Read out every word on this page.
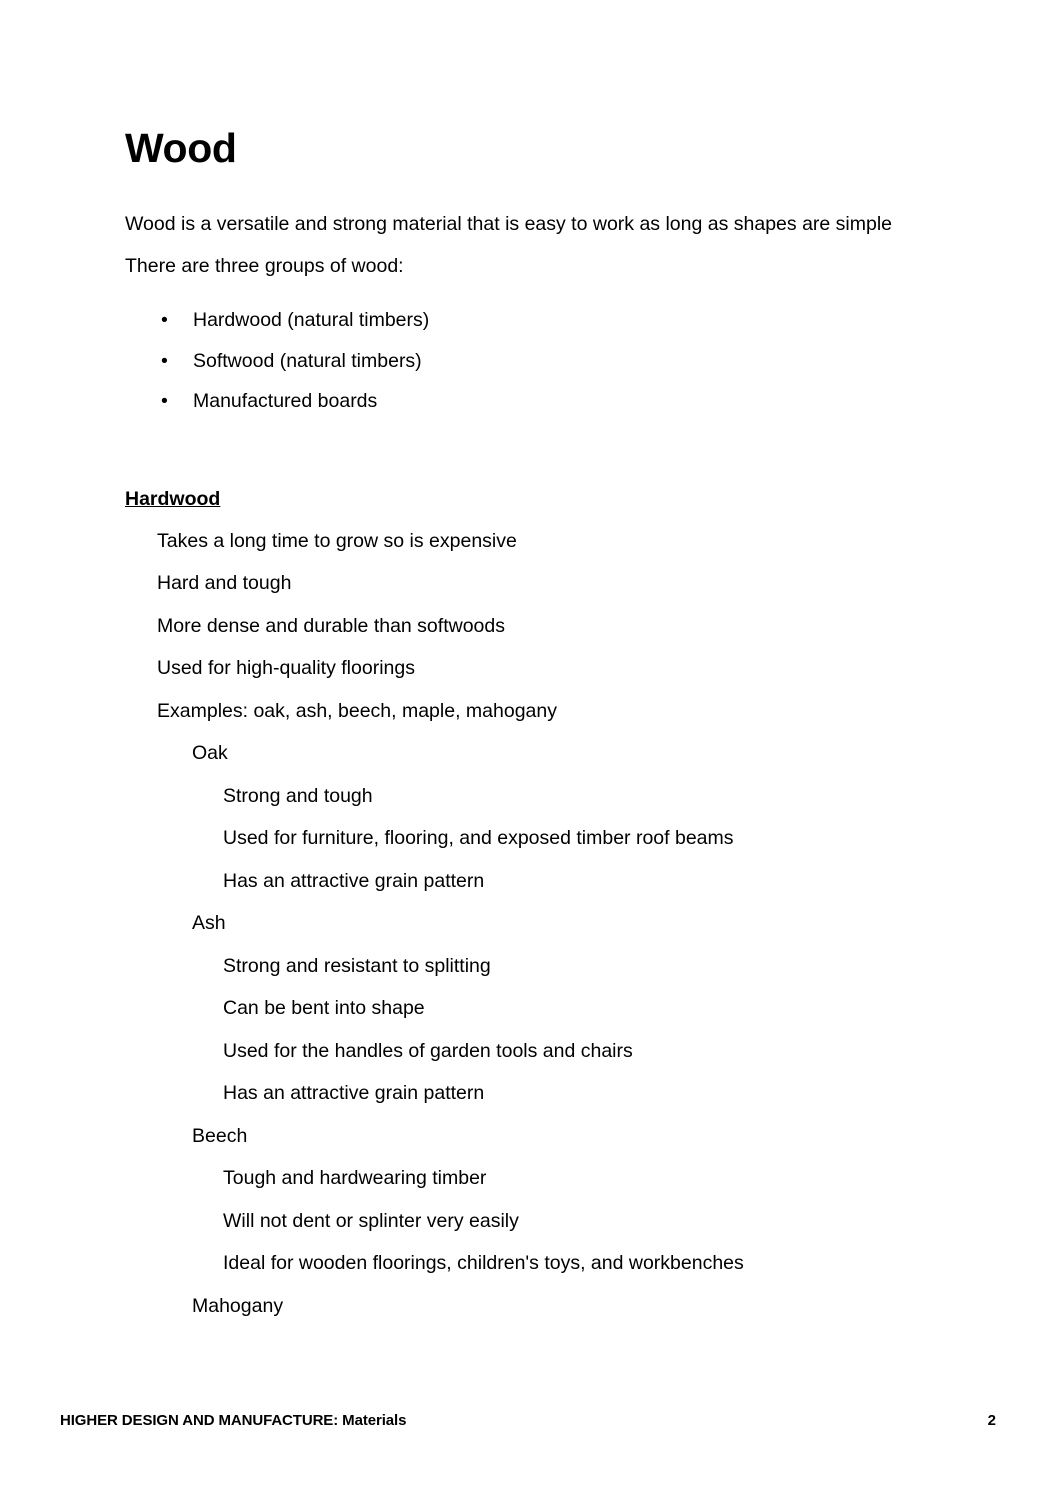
Wood

Wood is a versatile and strong material that is easy to work as long as shapes are simple

There are three groups of wood:

• Hardwood (natural timbers)
• Softwood (natural timbers)
• Manufactured boards
Hardwood
Takes a long time to grow so is expensive
Hard and tough
More dense and durable than softwoods
Used for high-quality floorings
Examples: oak, ash, beech, maple, mahogany
Oak
Strong and tough
Used for furniture, flooring, and exposed timber roof beams
Has an attractive grain pattern
Ash
Strong and resistant to splitting
Can be bent into shape
Used for the handles of garden tools and chairs
Has an attractive grain pattern
Beech
Tough and hardwearing timber
Will not dent or splinter very easily
Ideal for wooden floorings, children's toys, and workbenches
Mahogany
HIGHER DESIGN AND MANUFACTURE: Materials	2
